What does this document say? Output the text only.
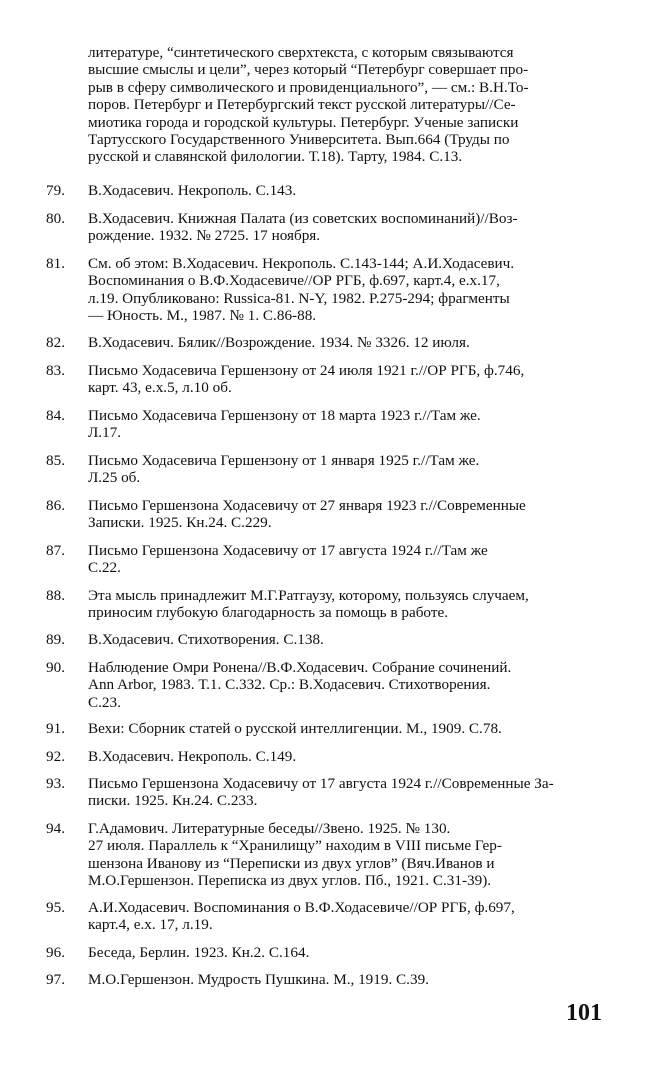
литературе, “синтетического сверхтекста, с которым связываются
высшие смыслы и цели”, через который “Петербург совершает про-
рыв в сферу символического и провиденциального”, — см.: В.Н.То-
поров. Петербург и Петербургский текст русской литературы//Се-
миотика города и городской культуры. Петербург. Ученые записки
Тартусского Государственного Университета. Вып.664 (Труды по
русской и славянской филологии. Т.18). Тарту, 1984. С.13.
79.	В.Ходасевич. Некрополь. С.143.
80.	В.Ходасевич. Книжная Палата (из советских воспоминаний)//Воз-
рождение. 1932. № 2725. 17 ноября.
81.	См. об этом: В.Ходасевич. Некрополь. С.143-144; А.И.Ходасевич.
Воспоминания о В.Ф.Ходасевиче//ОР РГБ, ф.697, карт.4, е.х.17,
л.19. Опубликовано: Russica-81. N-Y, 1982. P.275-294; фрагменты
— Юность. М., 1987. № 1. С.86-88.
82.	В.Ходасевич. Бялик//Возрождение. 1934. № 3326. 12 июля.
83.	Письмо Ходасевича Гершензону от 24 июля 1921 г.//ОР РГБ, ф.746,
карт. 43, е.х.5, л.10 об.
84.	Письмо Ходасевича Гершензону от 18 марта 1923 г.//Там же.
Л.17.
85.	Письмо Ходасевича Гершензону от 1 января 1925 г.//Там же.
Л.25 об.
86.	Письмо Гершензона Ходасевичу от 27 января 1923 г.//Современные
Записки. 1925. Кн.24. С.229.
87.	Письмо Гершензона Ходасевичу от 17 августа 1924 г.//Там же
С.22.
88.	Эта мысль принадлежит М.Г.Ратгаузу, которому, пользуясь случаем,
приносим глубокую благодарность за помощь в работе.
89.	В.Ходасевич. Стихотворения. С.138.
90.	Наблюдение Омри Ронена//В.Ф.Ходасевич. Собрание сочинений.
Ann Arbor, 1983. Т.1. С.332. Ср.: В.Ходасевич. Стихотворения.
С.23.
91.	Вехи: Сборник статей о русской интеллигенции. М., 1909. С.78.
92.	В.Ходасевич. Некрополь. С.149.
93.	Письмо Гершензона Ходасевичу от 17 августа 1924 г.//Современные За-
писки. 1925. Кн.24. С.233.
94.	Г.Адамович. Литературные беседы//Звено. 1925. № 130.
27 июля. Параллель к “Хранилищу” находим в VIII письме Гер-
шензона Иванову из “Переписки из двух углов” (Вяч.Иванов и
М.О.Гершензон. Переписка из двух углов. Пб., 1921. С.31-39).
95.	А.И.Ходасевич. Воспоминания о В.Ф.Ходасевиче//ОР РГБ, ф.697,
карт.4, е.х. 17, л.19.
96.	Беседа, Берлин. 1923. Кн.2. С.164.
97.	М.О.Гершензон. Мудрость Пушкина. М., 1919. С.39.
101
